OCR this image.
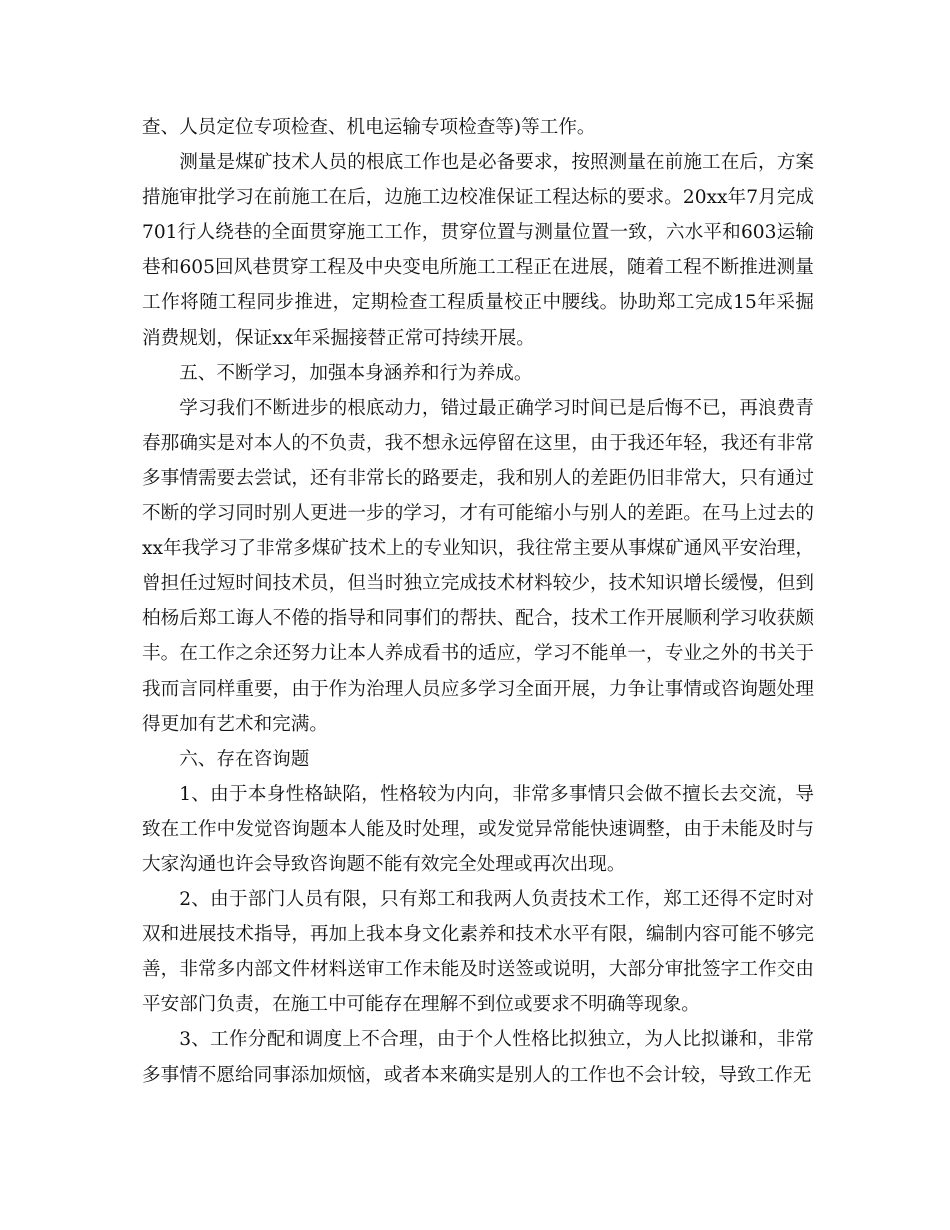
查、人员定位专项检查、机电运输专项检查等)等工作。

测量是煤矿技术人员的根底工作也是必备要求，按照测量在前施工在后，方案措施审批学习在前施工在后，边施工边校准保证工程达标的要求。20xx年7月完成701行人绕巷的全面贯穿施工工作，贯穿位置与测量位置一致，六水平和603运输巷和605回风巷贯穿工程及中央变电所施工工程正在进展，随着工程不断推进测量工作将随工程同步推进，定期检查工程质量校正中腰线。协助郑工完成15年采掘消费规划，保证xx年采掘接替正常可持续开展。

五、不断学习，加强本身涵养和行为养成。

学习我们不断进步的根底动力，错过最正确学习时间已是后悔不已，再浪费青春那确实是对本人的不负责，我不想永远停留在这里，由于我还年轻，我还有非常多事情需要去尝试，还有非常长的路要走，我和别人的差距仍旧非常大，只有通过不断的学习同时别人更进一步的学习，才有可能缩小与别人的差距。在马上过去的xx年我学习了非常多煤矿技术上的专业知识，我往常主要从事煤矿通风平安治理，曾担任过短时间技术员，但当时独立完成技术材料较少，技术知识增长缓慢，但到柏杨后郑工诲人不倦的指导和同事们的帮扶、配合，技术工作开展顺利学习收获颇丰。在工作之余还努力让本人养成看书的适应，学习不能单一，专业之外的书关于我而言同样重要，由于作为治理人员应多学习全面开展，力争让事情或咨询题处理得更加有艺术和完满。

六、存在咨询题

1、由于本身性格缺陷，性格较为内向，非常多事情只会做不擅长去交流，导致在工作中发觉咨询题本人能及时处理，或发觉异常能快速调整，由于未能及时与大家沟通也许会导致咨询题不能有效完全处理或再次出现。

2、由于部门人员有限，只有郑工和我两人负责技术工作，郑工还得不定时对双和进展技术指导，再加上我本身文化素养和技术水平有限，编制内容可能不够完善，非常多内部文件材料送审工作未能及时送签或说明，大部分审批签字工作交由平安部门负责，在施工中可能存在理解不到位或要求不明确等现象。

3、工作分配和调度上不合理，由于个人性格比拟独立，为人比拟谦和，非常多事情不愿给同事添加烦恼，或者本来确实是别人的工作也不会计较，导致工作无
